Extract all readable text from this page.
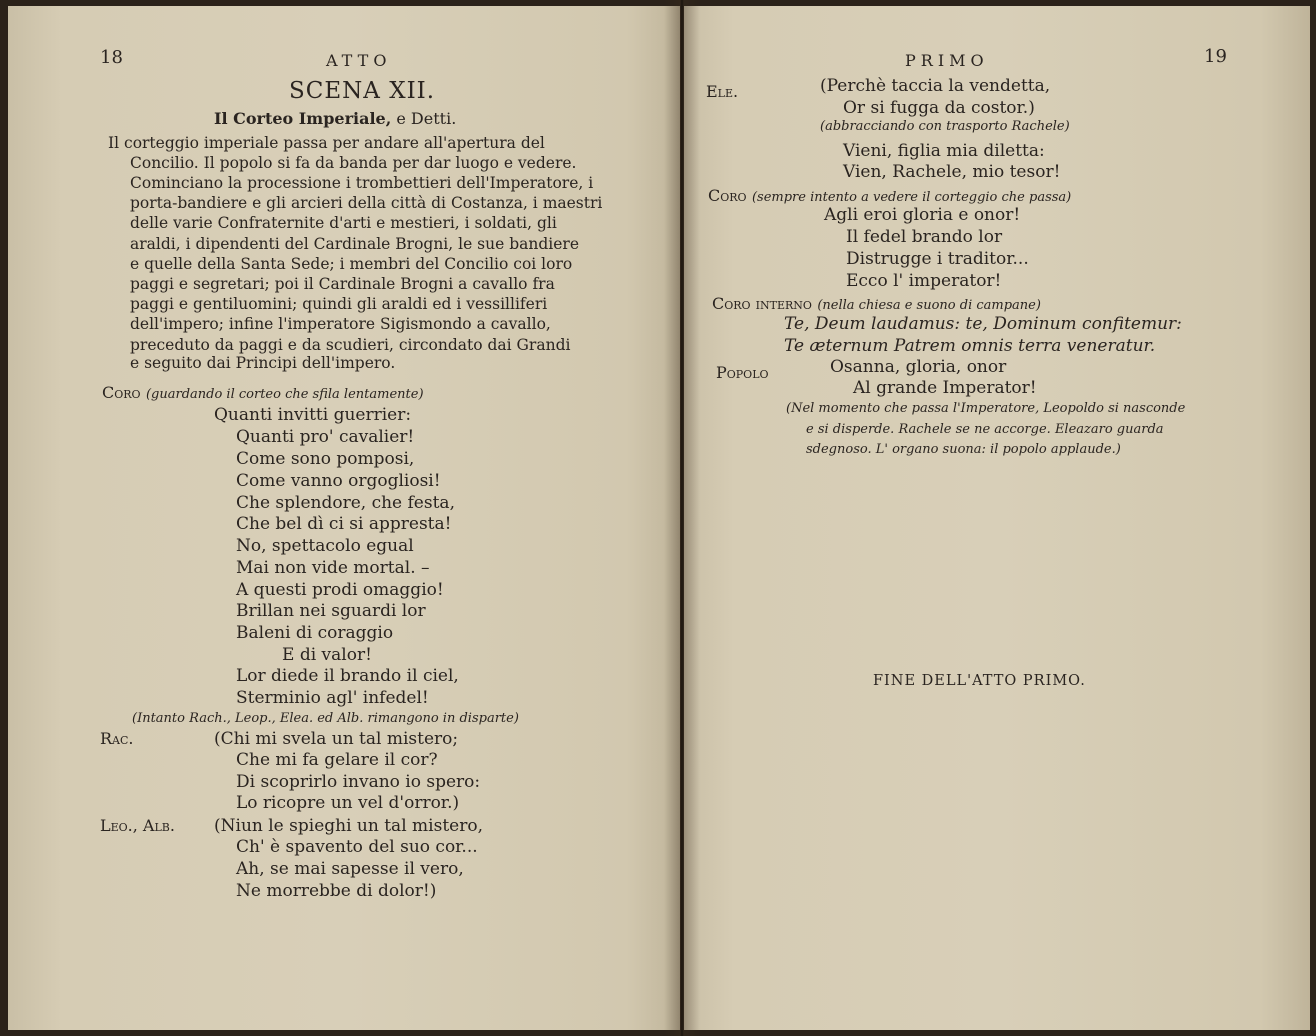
18	ATTO
SCENA XII.
Il Corteo Imperiale, e Detti.
Il corteggio imperiale passa per andare all'apertura del
Concilio. Il popolo si fa da banda per dar luogo e vedere.
Cominciano la processione i trombettieri dell'Imperatore, i
porta-bandiere e gli arcieri della città di Costanza, i maestri
delle varie Confraternite d'arti e mestieri, i soldati, gli
araldi, i dipendenti del Cardinale Brogni, le sue bandiere
e quelle della Santa Sede; i membri del Concilio coi loro
paggi e segretari; poi il Cardinale Brogni a cavallo fra
paggi e gentiluomini; quindi gli araldi ed i vessilliferi
dell'impero; infine l'imperatore Sigismondo a cavallo,
preceduto da paggi e da scudieri, circondato dai Grandi
e seguito dai Principi dell'impero.
Coro (guardando il corteo che sfila lentamente)
Quanti invitti guerrier:
Quanti pro' cavalier!
Come sono pomposi,
Come vanno orgogliosi!
Che splendore, che festa,
Che bel dì ci si appresta!
No, spettacolo egual
Mai non vide mortal. –
A questi prodi omaggio!
Brillan nei sguardi lor
Baleni di coraggio
E di valor!
Lor diede il brando il ciel,
Sterminio agl' infedel!
(Intanto Rach., Leop., Elea. ed Alb. rimangono in disparte)
Rac.	(Chi mi svela un tal mistero;
Che mi fa gelare il cor?
Di scoprirlo invano io spero:
Lo ricopre un vel d'orror.)
Leo., Alb. (Niun le spieghi un tal mistero,
Ch' è spavento del suo cor...
Ah, se mai sapesse il vero,
Ne morrebbe di dolor!)
PRIMO	19
Ele.	(Perchè taccia la vendetta,
Or si fugga da costor.)
(abbracciando con trasporto Rachele)
Vieni, figlia mia diletta:
Vien, Rachele, mio tesor!
Coro (sempre intento a vedere il corteggio che passa)
Agli eroi gloria e onor!
Il fedel brando lor
Distrugge i traditor...
Ecco l' imperator!
Coro interno (nella chiesa e suono di campane)
Te, Deum laudamus: te, Dominum confitemur:
Te æternum Patrem omnis terra veneratur.
Popolo	Osanna, gloria, onor
Al grande Imperator!
(Nel momento che passa l'Imperatore, Leopoldo si nasconde
e si disperde. Rachele se ne accorge. Eleazaro guarda
sdegnoso. L' organo suona: il popolo applaude.)
FINE DELL'ATTO PRIMO.
